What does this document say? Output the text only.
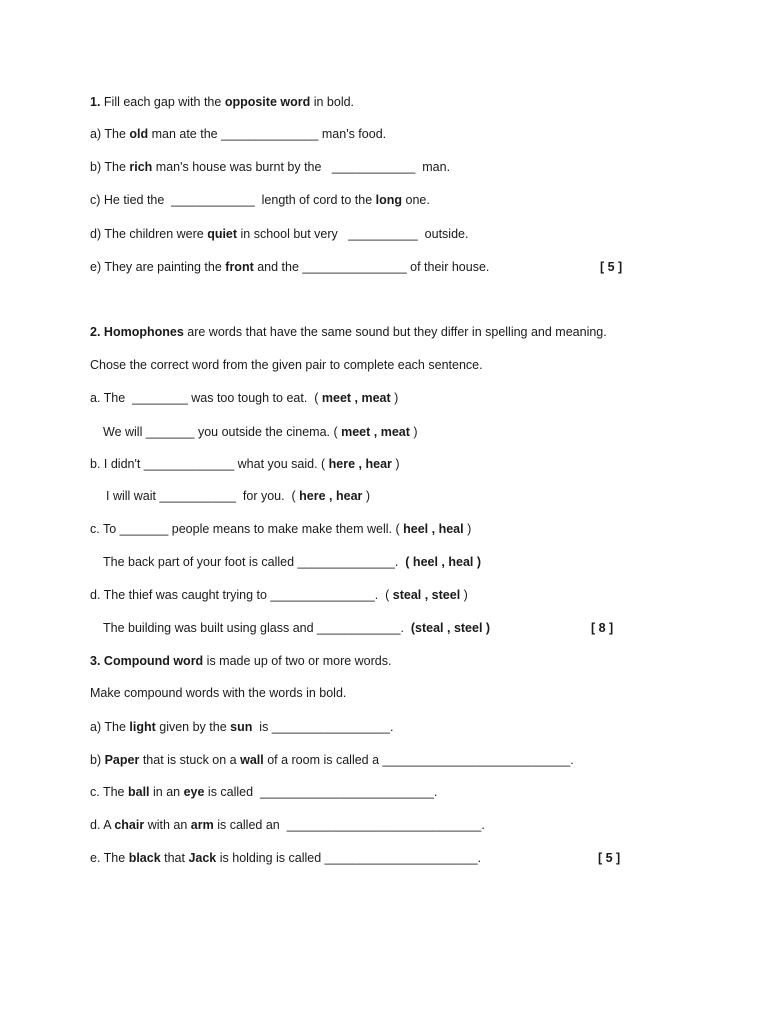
1. Fill each gap with the opposite word in bold.
a) The old man ate the ______________ man's food.
b) The rich man's house was burnt by the   ____________  man.
c) He tied the  ____________  length of cord to the long one.
d) The children were quiet in school but very   __________  outside.
e) They are painting the front and the _______________ of their house.	[ 5 ]
2. Homophones are words that have the same sound but they differ in spelling and meaning.
Chose the correct word from the given pair to complete each sentence.
a. The  ________ was too tough to eat.  ( meet , meat )
We will _______ you outside the cinema. ( meet , meat )
b. I didn't _____________ what you said. ( here , hear )
I will wait ___________  for you.  ( here , hear )
c. To _______ people means to make make them well. ( heel , heal )
The back part of your foot is called ______________.  ( heel , heal )
d. The thief was caught trying to _______________.  ( steal , steel )
The building was built using glass and ____________.  (steal , steel )	[ 8 ]
3. Compound word is made up of two or more words.
Make compound words with the words in bold.
a) The light given by the sun  is _________________.
b) Paper that is stuck on a wall of a room is called a ___________________________.
c. The ball in an eye is called  _________________________.
d. A chair with an arm is called an  ____________________________.
e. The black that Jack is holding is called ______________________.	[ 5 ]
